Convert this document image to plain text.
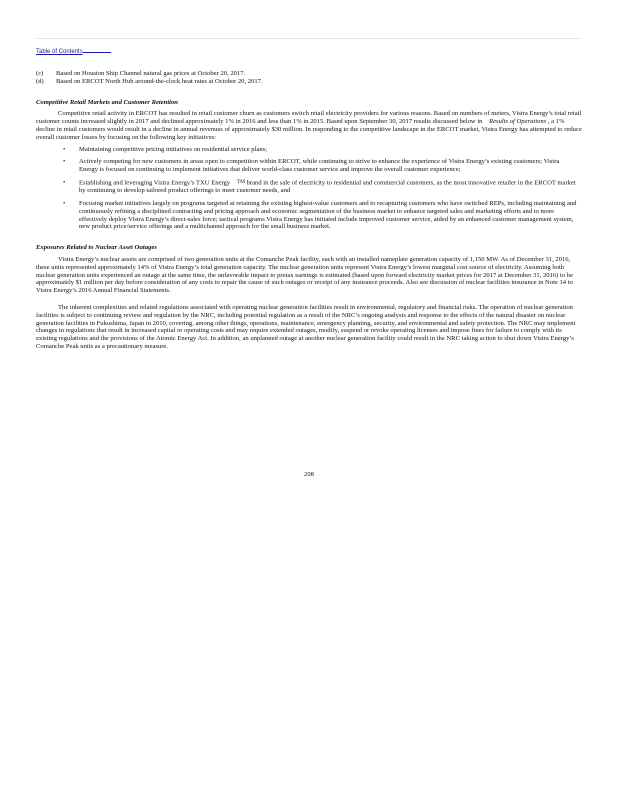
Table of Contents
(c)	Based on Houston Ship Channel natural gas prices at October 20, 2017.
(d)	Based on ERCOT North Hub around-the-clock heat rates at October 20, 2017.
Competitive Retail Markets and Customer Retention

Competitive retail activity in ERCOT has resulted in retail customer churn as customers switch retail electricity providers for various reasons. Based on numbers of meters, Vistra Energy’s total retail customer counts increased slightly in 2017 and declined approximately 1% in 2016 and less than 1% in 2015. Based upon September 30, 2017 results discussed below in Results of Operations , a 1% decline in retail customers would result in a decline in annual revenues of approximately $30 million. In responding to the competitive landscape in the ERCOT market, Vistra Energy has attempted to reduce overall customer losses by focusing on the following key initiatives:

•	Maintaining competitive pricing initiatives on residential service plans;
•	Actively competing for new customers in areas open to competition within ERCOT, while continuing to strive to enhance the experience of Vistra Energy’s existing customers; Vistra Energy is focused on continuing to implement initiatives that deliver world-class customer service and improve the overall customer experience;
•	Establishing and leveraging Vistra Energy’s TXU Energy ™ brand in the sale of electricity to residential and commercial customers, as the most innovative retailer in the ERCOT market by continuing to develop tailored product offerings to meet customer needs, and
•	Focusing market initiatives largely on programs targeted at retaining the existing highest-value customers and to recapturing customers who have switched REPs, including maintaining and continuously refining a disciplined contracting and pricing approach and economic segmentation of the business market to enhance targeted sales and marketing efforts and to more effectively deploy Vistra Energy’s direct-sales force; tactical programs Vistra Energy has initiated include improved customer service, aided by an enhanced customer management system, new product price/service offerings and a multichannel approach for the small business market.
Exposures Related to Nuclear Asset Outages

Vistra Energy’s nuclear assets are comprised of two generation units at the Comanche Peak facility, each with an installed nameplate generation capacity of 1,150 MW. As of December 31, 2016, these units represented approximately 14% of Vistra Energy’s total generation capacity. The nuclear generation units represent Vistra Energy’s lowest marginal cost source of electricity. Assuming both nuclear generation units experienced an outage at the same time, the unfavorable impact to pretax earnings is estimated (based upon forward electricity market prices for 2017 at December 31, 2016) to be approximately $1 million per day before consideration of any costs to repair the cause of such outages or receipt of any insurance proceeds. Also see discussion of nuclear facilities insurance in Note 14 to Vistra Energy’s 2016 Annual Financial Statements.

The inherent complexities and related regulations associated with operating nuclear generation facilities result in environmental, regulatory and financial risks. The operation of nuclear generation facilities is subject to continuing review and regulation by the NRC, including potential regulation as a result of the NRC’s ongoing analysis and response to the effects of the natural disaster on nuclear generation facilities in Fukushima, Japan in 2010, covering, among other things, operations, maintenance, emergency planning, security, and environmental and safety protection. The NRC may implement changes in regulations that result in increased capital or operating costs and may require extended outages, modify, suspend or revoke operating licenses and impose fines for failure to comply with its existing regulations and the provisions of the Atomic Energy Act. In addition, an unplanned outage at another nuclear generation facility could result in the NRC taking action to shut down Vistra Energy’s Comanche Peak units as a precautionary measure.

208
